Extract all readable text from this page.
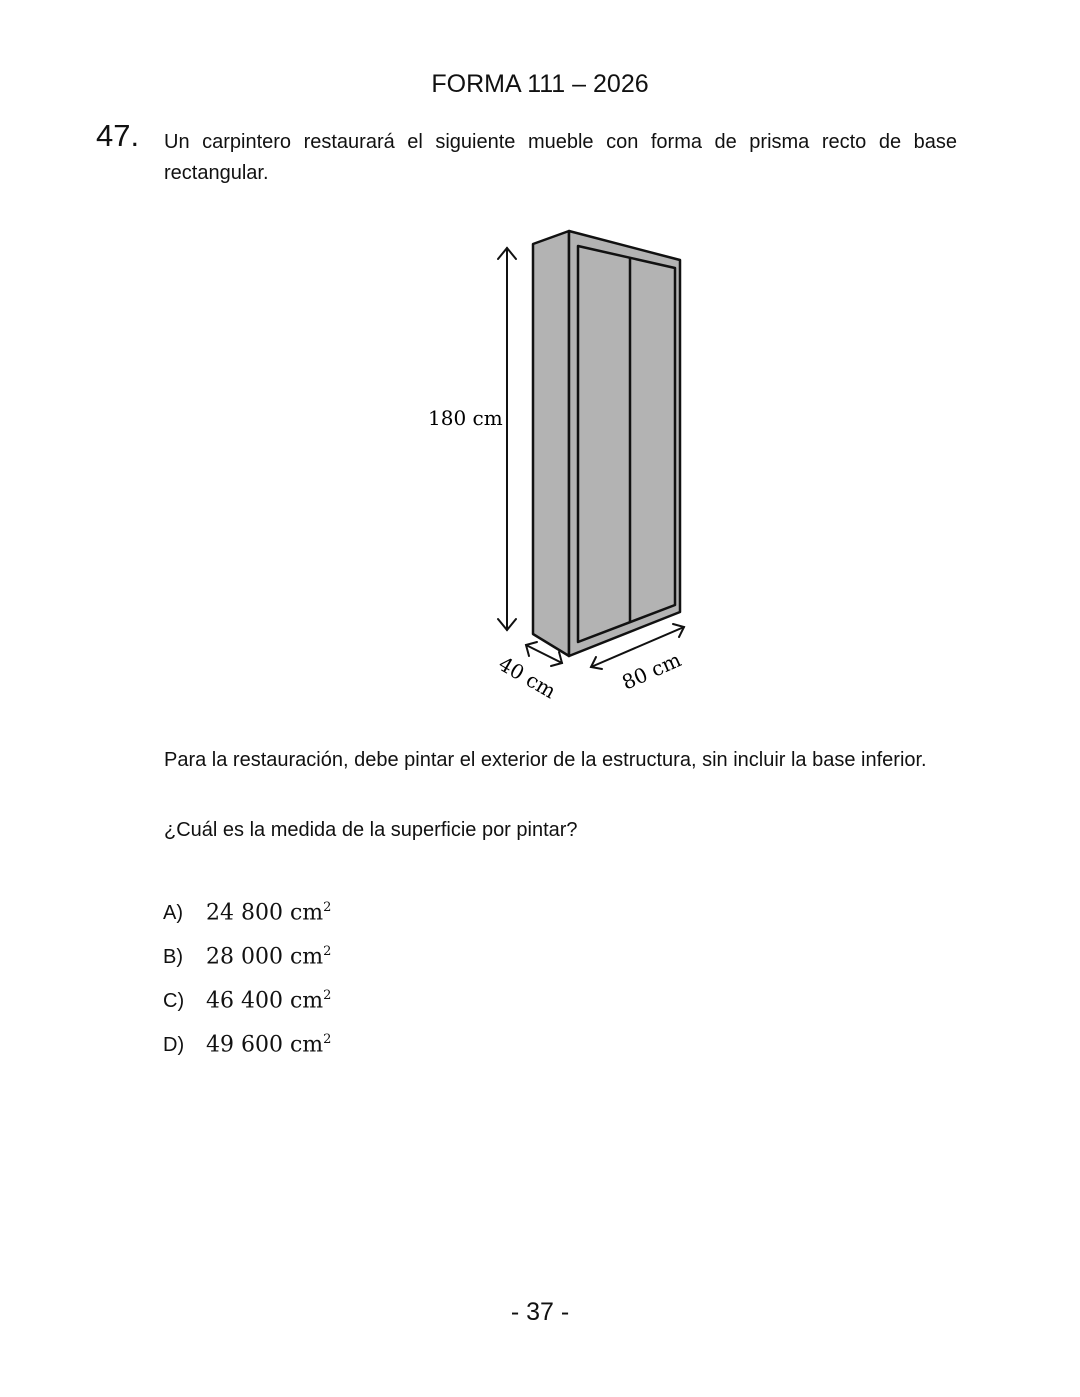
FORMA 111 – 2026
47. Un carpintero restaurará el siguiente mueble con forma de prisma recto de base rectangular.
180 cm
40 cm	80 cm
Para la restauración, debe pintar el exterior de la estructura, sin incluir la base inferior.
¿Cuál es la medida de la superficie por pintar?
A)	24 800 $cm^2$
B)	28 000 $cm^2$
C) 46 400 $cm^2$
D) 49 600 $cm^2$
- 37 -
